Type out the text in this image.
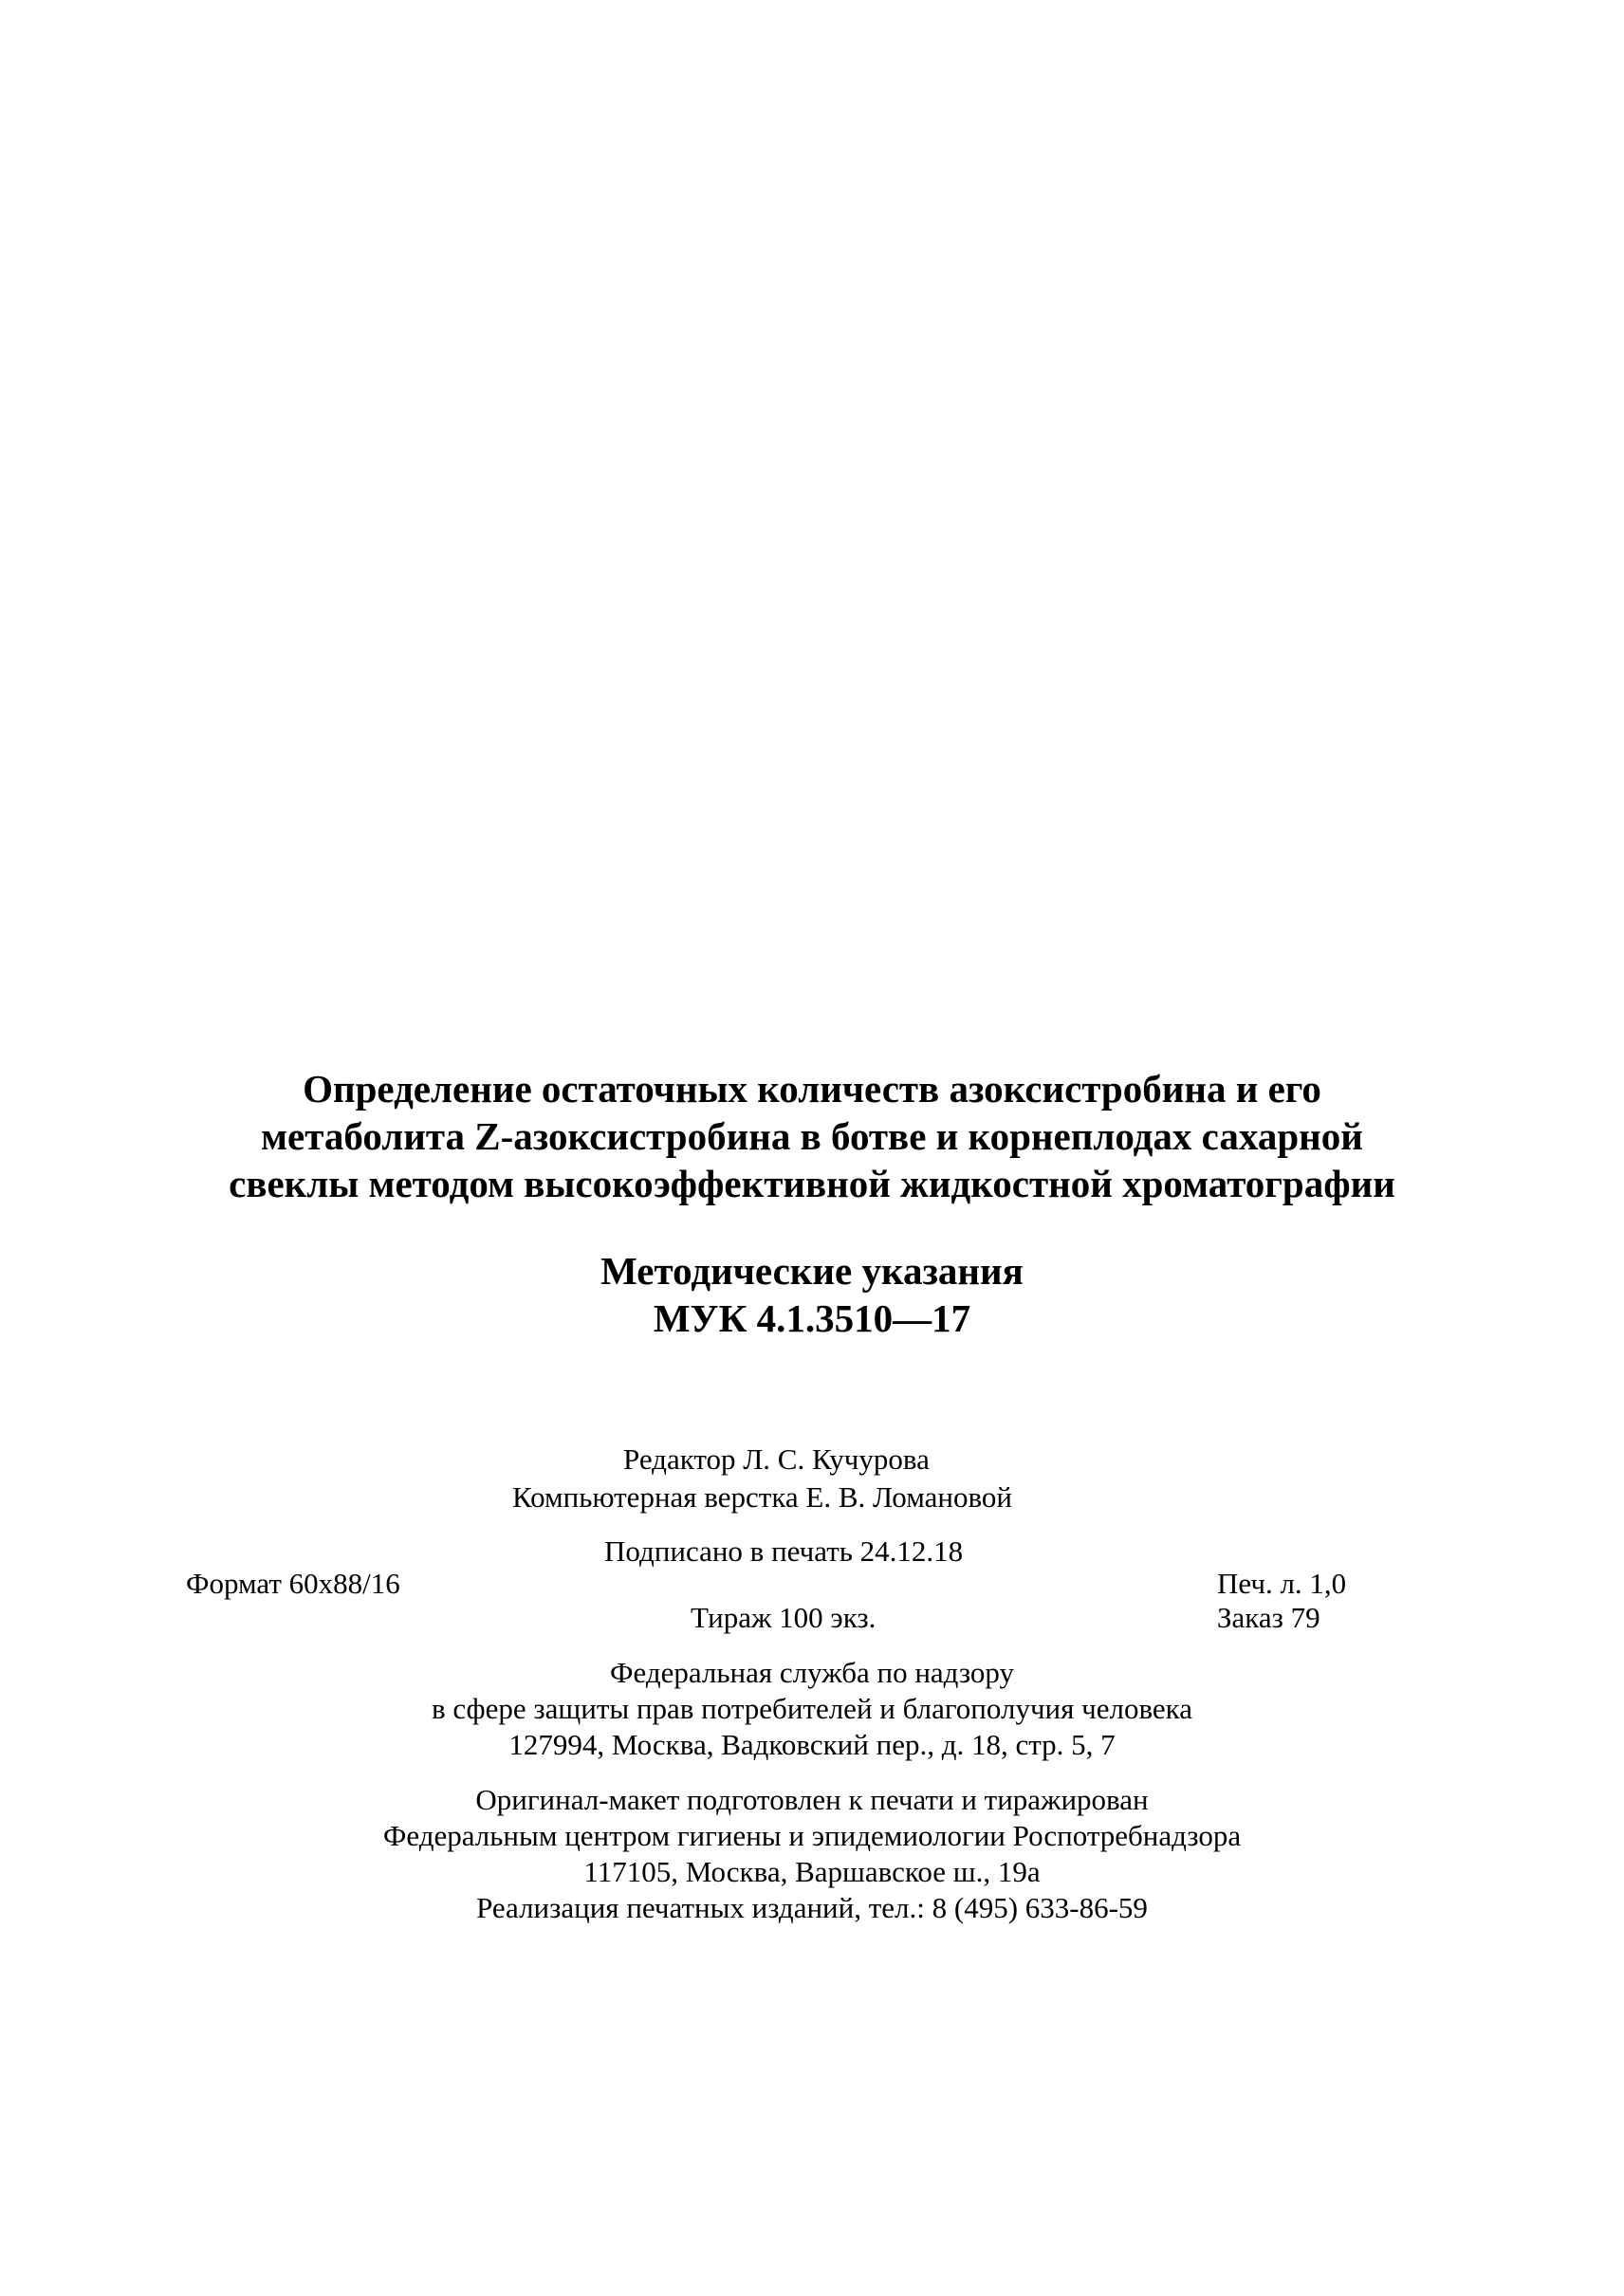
Определение остаточных количеств азоксистробина и его
метаболита Z-азоксистробина в ботве и корнеплодах сахарной
свеклы методом высокоэффективной жидкостной хроматографии
Методические указания
МУК 4.1.3510—17
Редактор Л. С. Кучурова
Компьютерная верстка Е. В. Ломановой
Подписано в печать 24.12.18
Формат 60x88/16	Печ. л. 1,0
Тираж 100 экз.	Заказ 79
Федеральная служба по надзору
в сфере защиты прав потребителей и благополучия человека
127994, Москва, Вадковский пер., д. 18, стр. 5, 7
Оригинал-макет подготовлен к печати и тиражирован
Федеральным центром гигиены и эпидемиологии Роспотребнадзора
117105, Москва, Варшавское ш., 19а
Реализация печатных изданий, тел.: 8 (495) 633-86-59
